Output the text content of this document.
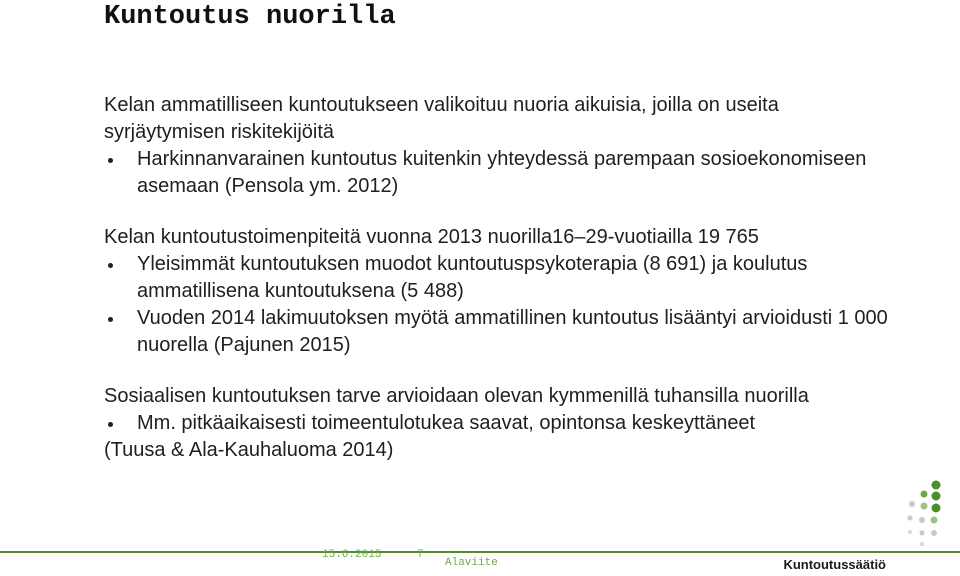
Kuntoutus nuorilla

Kelan ammatilliseen kuntoutukseen valikoituu nuoria aikuisia, joilla on useita syrjäytymisen riskitekijöitä

Harkinnanvarainen kuntoutus kuitenkin yhteydessä parempaan sosioekonomiseen asemaan (Pensola ym. 2012)

Kelan kuntoutustoimenpiteitä vuonna 2013 nuorilla16–29-vuotiailla 19 765

Yleisimmät kuntoutuksen muodot kuntoutuspsykoterapia (8 691) ja koulutus ammatillisena kuntoutuksena (5 488)
Vuoden 2014 lakimuutoksen myötä ammatillinen kuntoutus lisääntyi arvioidusti 1 000 nuorella (Pajunen 2015)

Sosiaalisen kuntoutuksen tarve arvioidaan olevan kymmenillä tuhansilla nuorilla

Mm. pitkäaikaisesti toimeentulotukea saavat, opintonsa keskeyttäneet

(Tuusa & Ala-Kauhaluoma 2014)

15.6.2015	7
Alaviite	Kuntoutussäätiö
